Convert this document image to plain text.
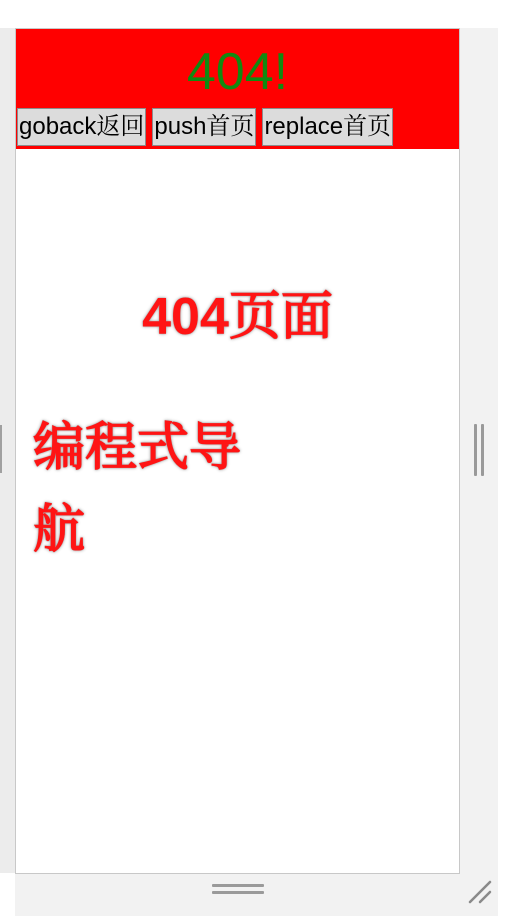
404!
goback返回 push首页 replace首页
404页面
编程式导航
